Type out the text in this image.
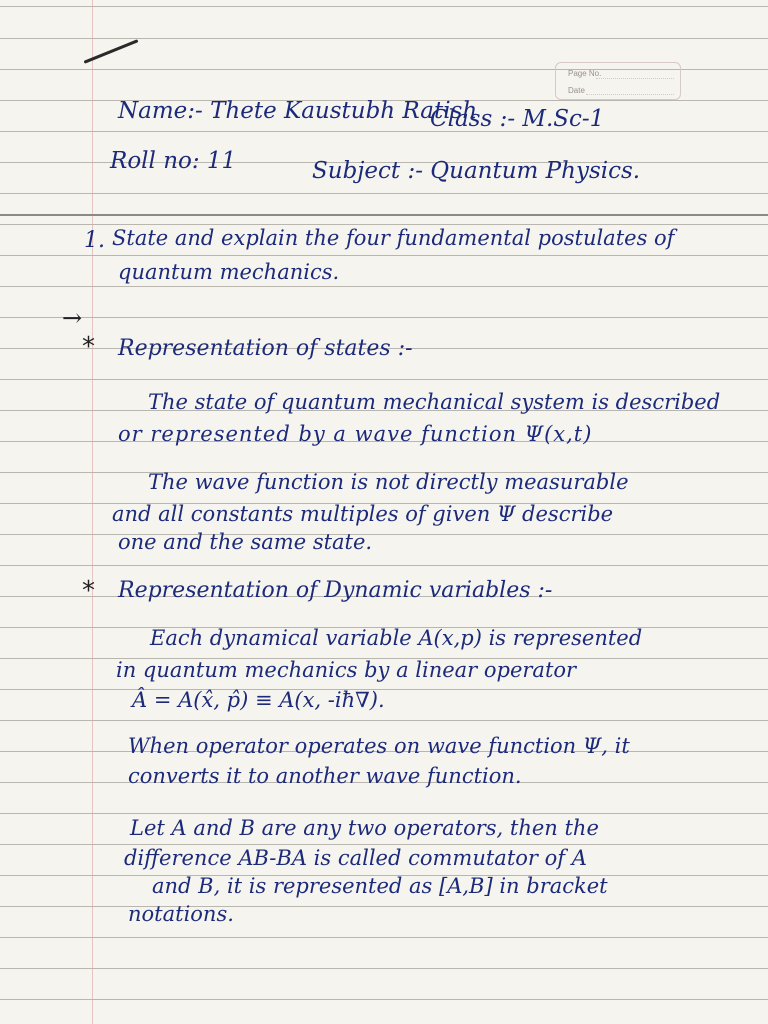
Page No.
Date
Name:- Thete Kaustubh Ratish
Class :- M.Sc-1
Roll no: 11	Subject :- Quantum Physics.
1. State and explain the four fundamental postulates of
quantum mechanics.
→
* Representation of states :-
The state of quantum mechanical system is described
or represented by a wave function Ψ(x,t)
The wave function is not directly measurable
and all constants multiples of given Ψ describe
one and the same state.
* Representation of Dynamic variables :-
Each dynamical variable A(x,p) is represented
in quantum mechanics by a linear operator
Â = A(x̂, p̂) ≡ A(x, -iħ∇).
When operator operates on wave function Ψ, it
converts it to another wave function.
Let A and B are any two operators, then the
difference AB-BA is called commutator of A
and B, it is represented as [A,B] in bracket
notations.
